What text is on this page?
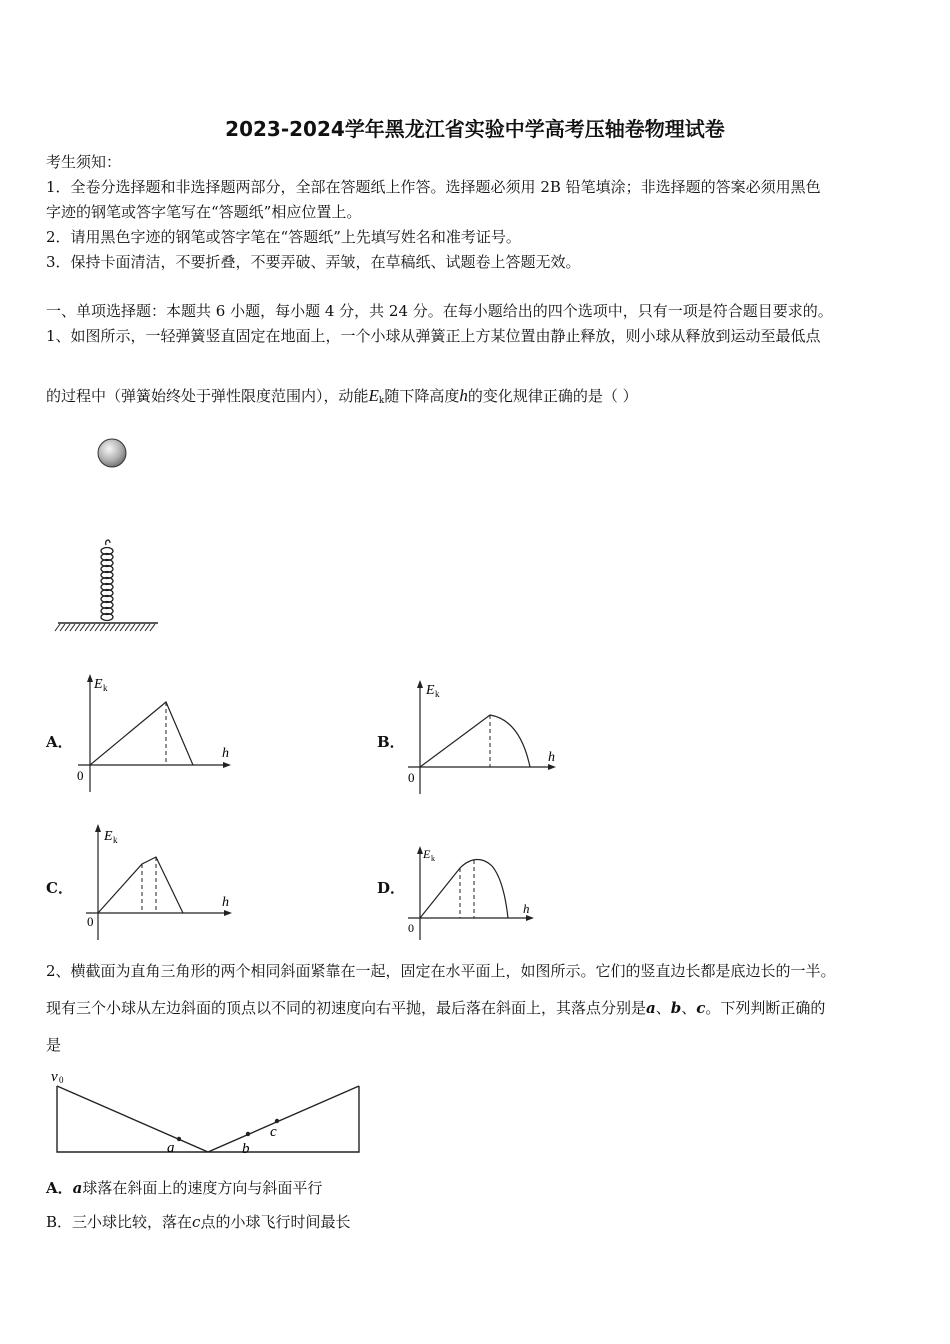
2023-2024学年黑龙江省实验中学高考压轴卷物理试卷
考生须知：
1．全卷分选择题和非选择题两部分，全部在答题纸上作答。选择题必须用 2B 铅笔填涂；非选择题的答案必须用黑色
字迹的钢笔或答字笔写在“答题纸”相应位置上。
2．请用黑色字迹的钢笔或答字笔在“答题纸”上先填写姓名和准考证号。
3．保持卡面清洁，不要折叠，不要弄破、弄皱，在草稿纸、试题卷上答题无效。
一、单项选择题：本题共 6 小题，每小题 4 分，共 24 分。在每小题给出的四个选项中，只有一项是符合题目要求的。
1、如图所示，一轻弹簧竖直固定在地面上，一个小球从弹簧正上方某位置由静止释放，则小球从释放到运动至最低点
的过程中（弹簧始终处于弹性限度范围内），动能$E_k$随下降高度h的变化规律正确的是（ ）
A．	B．
C．	D．
E k
h
0
E k
h
0
E k
h
0
E k
h
0
2、横截面为直角三角形的两个相同斜面紧靠在一起，固定在水平面上，如图所示。它们的竖直边长都是底边长的一半。
现有三个小球从左边斜面的顶点以不同的初速度向右平抛，最后落在斜面上，其落点分别是a、b、c。下列判断正确的
是
v 0
a	b
c
A．a球落在斜面上的速度方向与斜面平行
B．三小球比较，落在c点的小球飞行时间最长
